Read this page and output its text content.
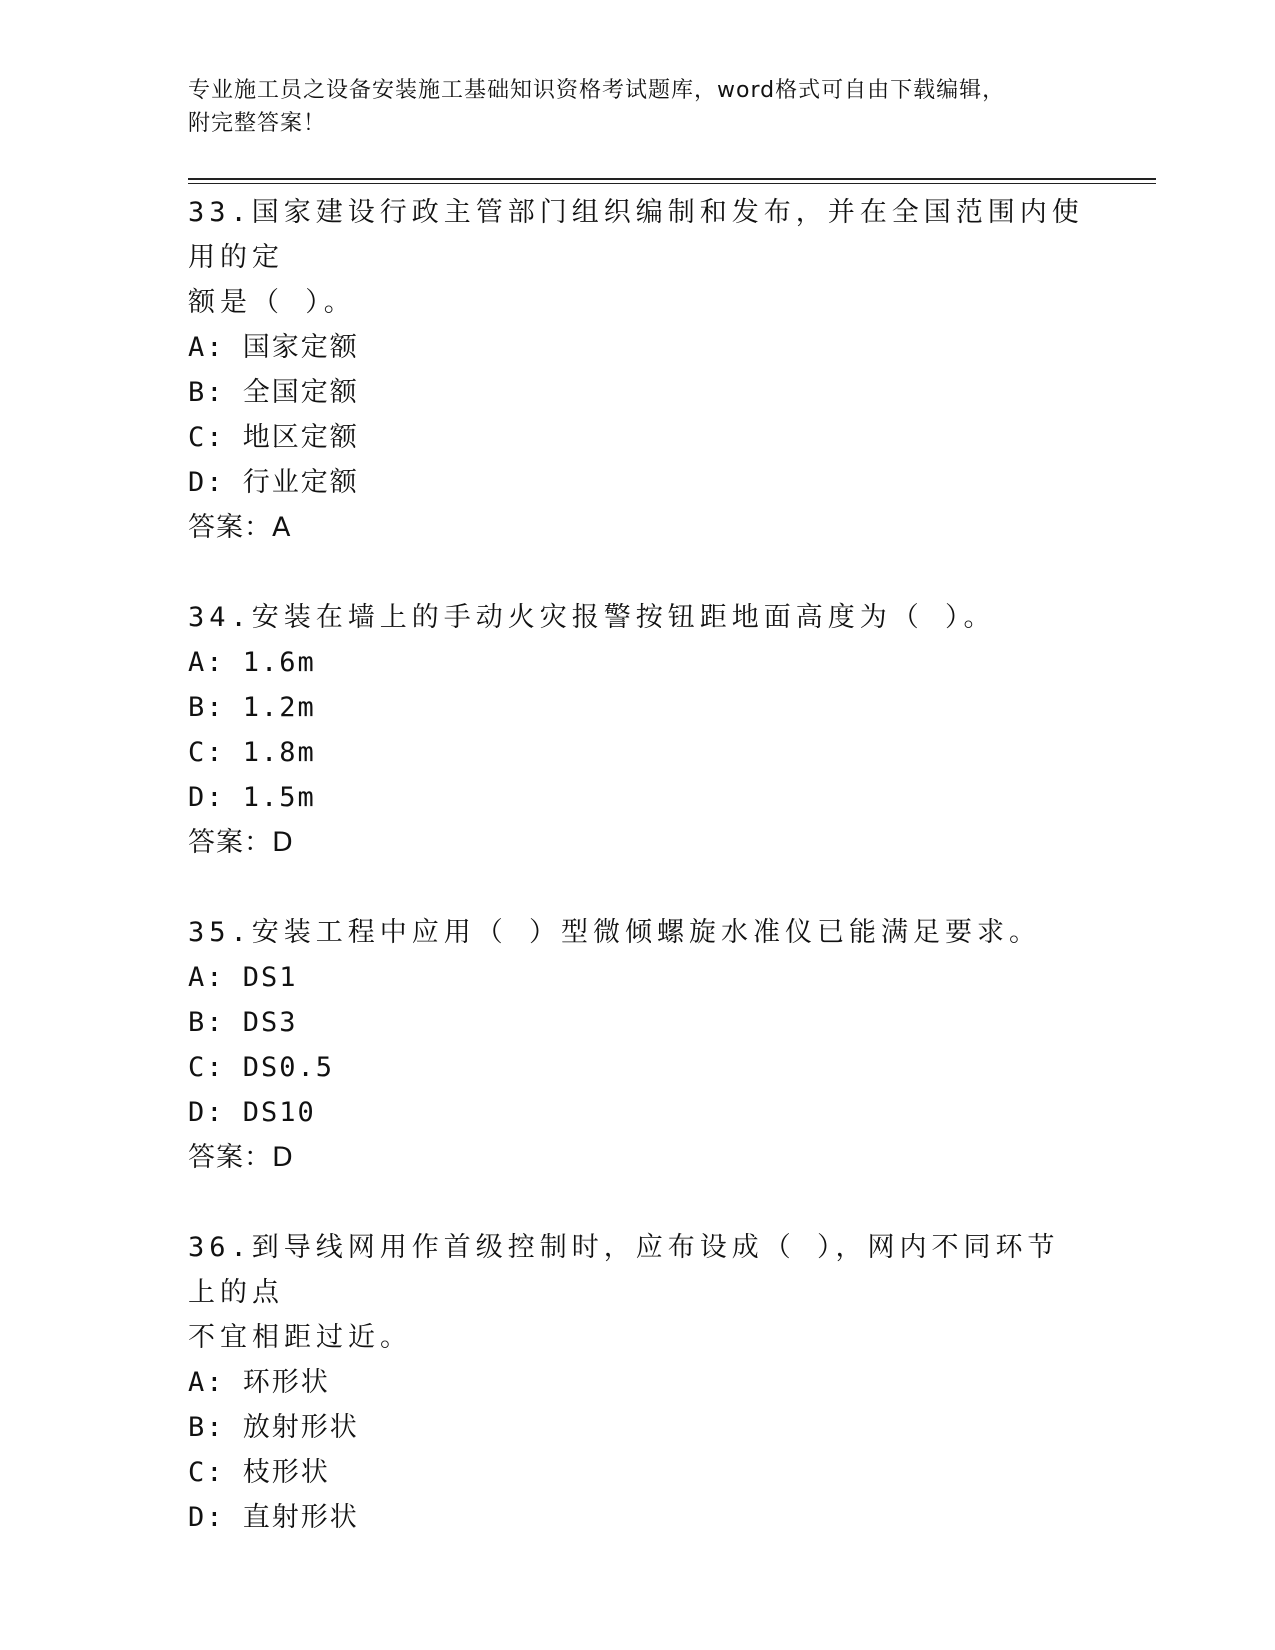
专业施工员之设备安装施工基础知识资格考试题库，word格式可自由下载编辑，
附完整答案！
33.国家建设行政主管部门组织编制和发布，并在全国范围内使用的定
额是（ ）。
A: 国家定额
B: 全国定额
C: 地区定额
D: 行业定额
答案：A
34.安装在墙上的手动火灾报警按钮距地面高度为（ ）。
A: 1.6m
B: 1.2m
C: 1.8m
D: 1.5m
答案：D
35.安装工程中应用（ ）型微倾螺旋水准仪已能满足要求。
A: DS1
B: DS3
C: DS0.5
D: DS10
答案：D
36.到导线网用作首级控制时，应布设成（ ），网内不同环节上的点
不宜相距过近。
A: 环形状
B: 放射形状
C: 枝形状
D: 直射形状
